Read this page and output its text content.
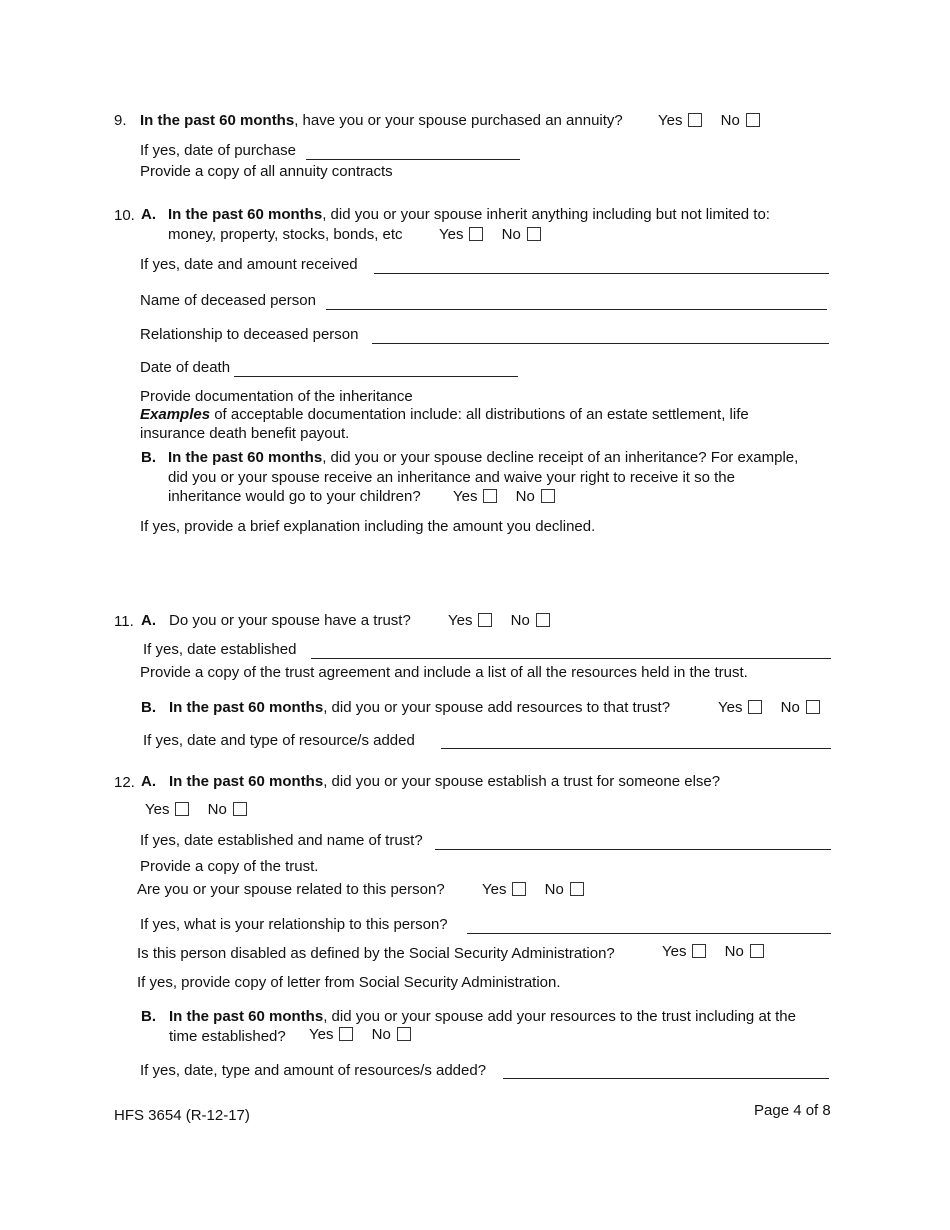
9. In the past 60 months, have you or your spouse purchased an annuity? Yes	No
If yes, date of purchase
Provide a copy of all annuity contracts
10. A. In the past 60 months, did you or your spouse inherit anything including but not limited to:
money, property, stocks, bonds, etc Yes	No
If yes, date and amount received
Name of deceased person
Relationship to deceased person
Date of death
Provide documentation of the inheritance
Examples of acceptable documentation include: all distributions of an estate settlement, life
insurance death benefit payout.
B. In the past 60 months, did you or your spouse decline receipt of an inheritance? For example,
did you or your spouse receive an inheritance and waive your right to receive it so the
inheritance would go to your children? Yes	No
If yes, provide a brief explanation including the amount you declined.
11. A. Do you or your spouse have a trust? Yes	No
If yes, date established
Provide a copy of the trust agreement and include a list of all the resources held in the trust.
B. In the past 60 months, did you or your spouse add resources to that trust?	Yes	No
If yes, date and type of resource/s added
12. A. In the past 60 months, did you or your spouse establish a trust for someone else?
Yes	No
If yes, date established and name of trust?
Provide a copy of the trust.
Are you or your spouse related to this person? Yes	No
If yes, what is your relationship to this person?
Is this person disabled as defined by the Social Security Administration?	Yes	No
If yes, provide copy of letter from Social Security Administration.
B. In the past 60 months, did you or your spouse add your resources to the trust including at the
time established? Yes	No
If yes, date, type and amount of resources/s added?
HFS 3654 (R-12-17)	Page 4 of 8
